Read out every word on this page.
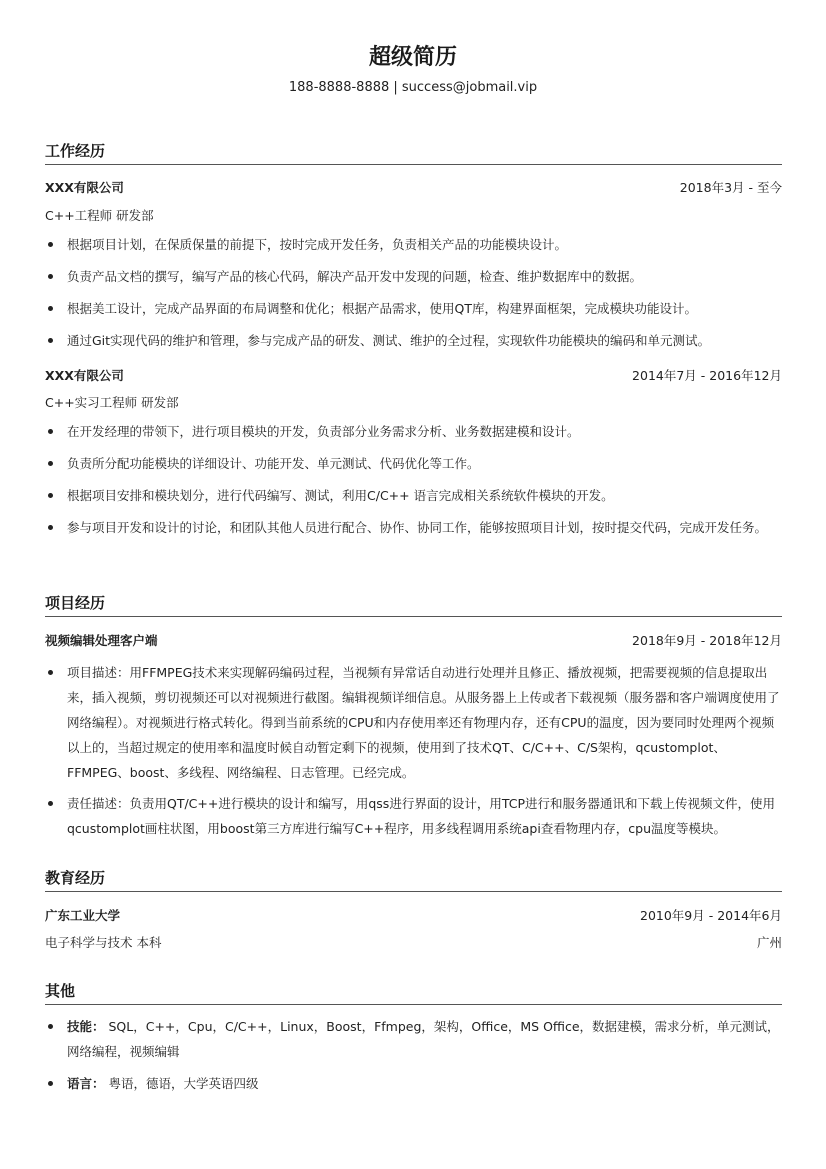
超级简历
188-8888-8888 | success@jobmail.vip
工作经历
XXX有限公司	2018年3月 - 至今
C++工程师 研发部
根据项目计划，在保质保量的前提下，按时完成开发任务，负责相关产品的功能模块设计。
负责产品文档的撰写，编写产品的核心代码，解决产品开发中发现的问题，检查、维护数据库中的数据。
根据美工设计，完成产品界面的布局调整和优化；根据产品需求，使用QT库，构建界面框架，完成模块功能设计。
通过Git实现代码的维护和管理，参与完成产品的研发、测试、维护的全过程，实现软件功能模块的编码和单元测试。
XXX有限公司	2014年7月 - 2016年12月
C++实习工程师 研发部
在开发经理的带领下，进行项目模块的开发，负责部分业务需求分析、业务数据建模和设计。
负责所分配功能模块的详细设计、功能开发、单元测试、代码优化等工作。
根据项目安排和模块划分，进行代码编写、测试，利用C/C++ 语言完成相关系统软件模块的开发。
参与项目开发和设计的讨论，和团队其他人员进行配合、协作、协同工作，能够按照项目计划，按时提交代码，完成开发任务。
项目经历
视频编辑处理客户端	2018年9月 - 2018年12月
项目描述：用FFMPEG技术来实现解码编码过程，当视频有异常话自动进行处理并且修正、播放视频，把需要视频的信息提取出来，插入视频，剪切视频还可以对视频进行截图。编辑视频详细信息。从服务器上上传或者下载视频（服务器和客户端调度使用了网络编程）。对视频进行格式转化。得到当前系统的CPU和内存使用率还有物理内存，还有CPU的温度，因为要同时处理两个视频以上的，当超过规定的使用率和温度时候自动暂定剩下的视频，使用到了技术QT、C/C++、C/S架构，qcustomplot、FFMPEG、boost、多线程、网络编程、日志管理。已经完成。
责任描述：负责用QT/C++进行模块的设计和编写，用qss进行界面的设计，用TCP进行和服务器通讯和下载上传视频文件，使用qcustomplot画柱状图，用boost第三方库进行编写C++程序，用多线程调用系统api查看物理内存，cpu温度等模块。
教育经历
广东工业大学	2010年9月 - 2014年6月
电子科学与技术 本科	广州
其他
技能： SQL，C++，Cpu，C/C++，Linux，Boost，Ffmpeg，架构，Office，MS Office，数据建模，需求分析，单元测试，网络编程，视频编辑
语言： 粤语，德语，大学英语四级
